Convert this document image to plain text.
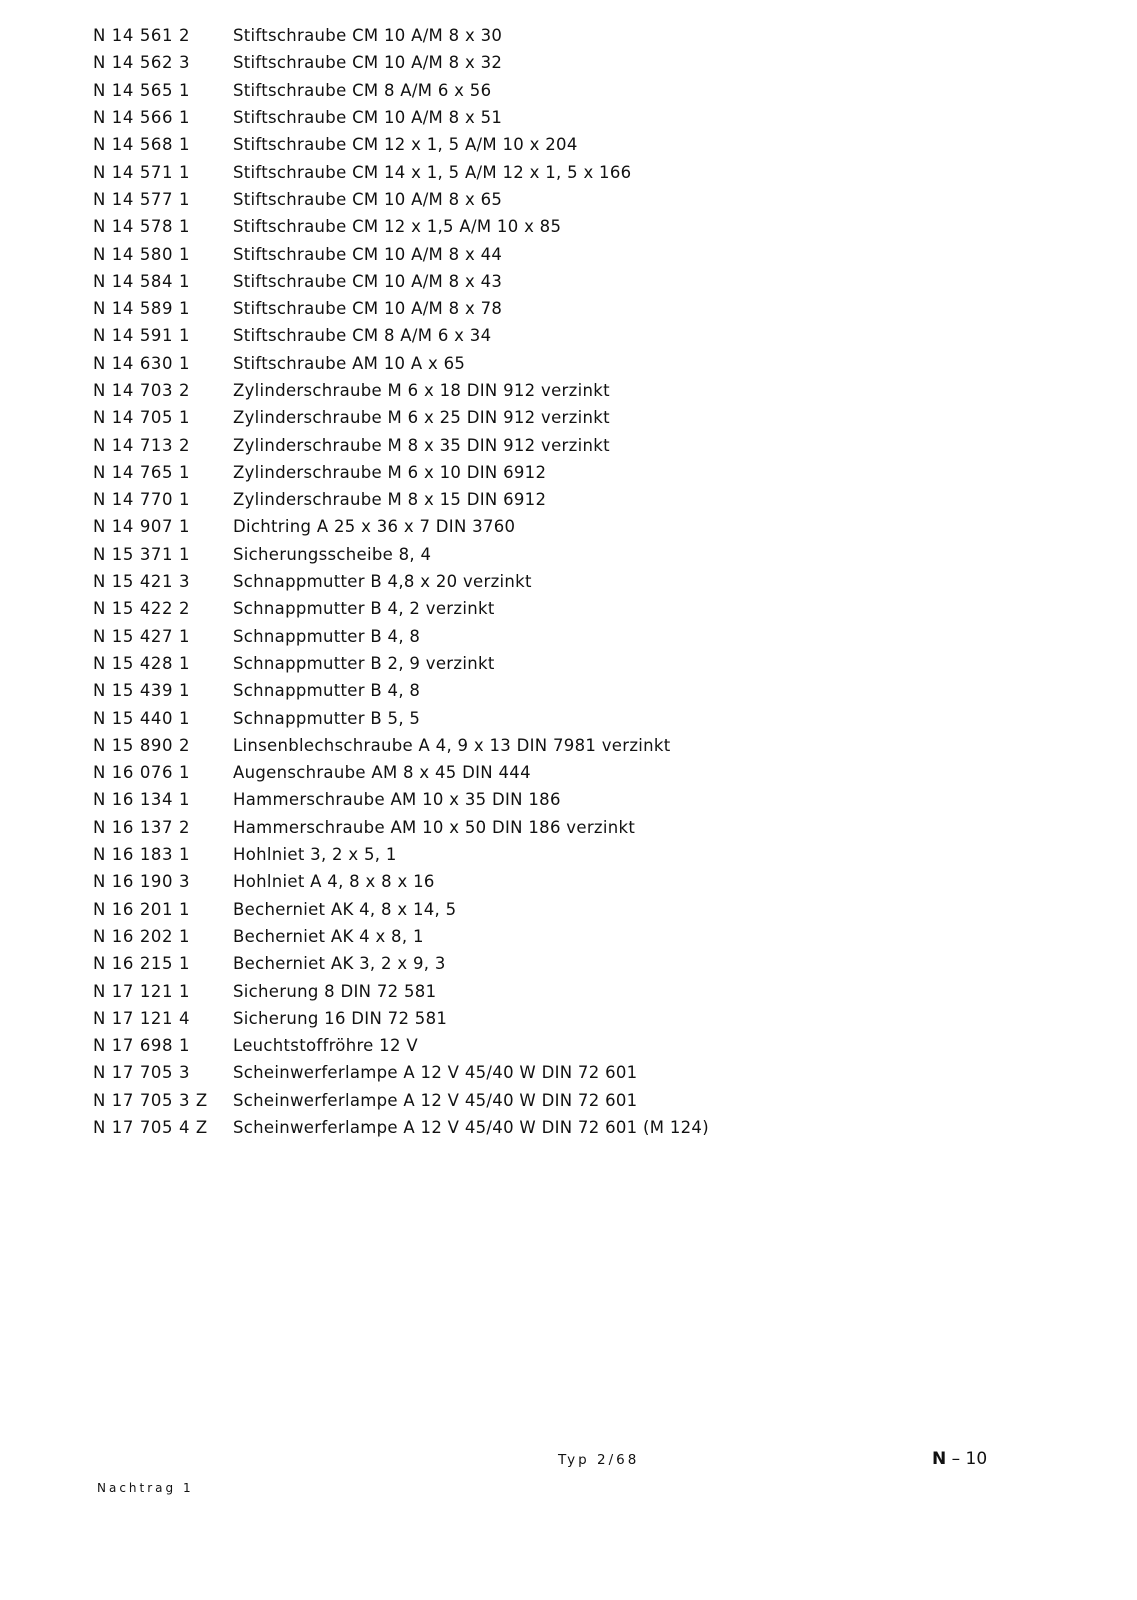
N 14 561 2	Stiftschraube CM 10 A/M 8 x 30
N 14 562 3	Stiftschraube CM 10 A/M 8 x 32
N 14 565 1	Stiftschraube CM 8 A/M 6 x 56
N 14 566 1	Stiftschraube CM 10 A/M 8 x 51
N 14 568 1	Stiftschraube CM 12 x 1, 5 A/M 10 x 204
N 14 571 1	Stiftschraube CM 14 x 1, 5 A/M 12 x 1, 5 x 166
N 14 577 1	Stiftschraube CM 10 A/M 8 x 65
N 14 578 1	Stiftschraube CM 12 x 1,5 A/M 10 x 85
N 14 580 1	Stiftschraube CM 10 A/M 8 x 44
N 14 584 1	Stiftschraube CM 10 A/M 8 x 43
N 14 589 1	Stiftschraube CM 10 A/M 8 x 78
N 14 591 1	Stiftschraube CM 8 A/M 6 x 34
N 14 630 1	Stiftschraube AM 10 A x 65
N 14 703 2	Zylinderschraube M 6 x 18 DIN 912 verzinkt
N 14 705 1	Zylinderschraube M 6 x 25 DIN 912 verzinkt
N 14 713 2	Zylinderschraube M 8 x 35 DIN 912 verzinkt
N 14 765 1	Zylinderschraube M 6 x 10 DIN 6912
N 14 770 1	Zylinderschraube M 8 x 15 DIN 6912
N 14 907 1	Dichtring A 25 x 36 x 7 DIN 3760
N 15 371 1	Sicherungsscheibe 8, 4
N 15 421 3	Schnappmutter B 4,8 x 20 verzinkt
N 15 422 2	Schnappmutter B 4, 2 verzinkt
N 15 427 1	Schnappmutter B 4, 8
N 15 428 1	Schnappmutter B 2, 9 verzinkt
N 15 439 1	Schnappmutter B 4, 8
N 15 440 1	Schnappmutter B 5, 5
N 15 890 2	Linsenblechschraube A 4, 9 x 13 DIN 7981 verzinkt
N 16 076 1	Augenschraube AM 8 x 45 DIN 444
N 16 134 1	Hammerschraube AM 10 x 35 DIN 186
N 16 137 2	Hammerschraube AM 10 x 50 DIN 186 verzinkt
N 16 183 1	Hohlniet 3, 2 x 5, 1
N 16 190 3	Hohlniet A 4, 8 x 8 x 16
N 16 201 1	Becherniet AK 4, 8 x 14, 5
N 16 202 1	Becherniet AK 4 x 8, 1
N 16 215 1	Becherniet AK 3, 2 x 9, 3
N 17 121 1	Sicherung 8 DIN 72 581
N 17 121 4	Sicherung 16 DIN 72 581
N 17 698 1	Leuchtstoffröhre 12 V
N 17 705 3	Scheinwerferlampe A 12 V 45/40 W DIN 72 601
N 17 705 3 Z	Scheinwerferlampe A 12 V 45/40 W DIN 72 601
N 17 705 4 Z	Scheinwerferlampe A 12 V 45/40 W DIN 72 601 (M 124)
Typ 2/68	N – 10
Nachtrag 1
